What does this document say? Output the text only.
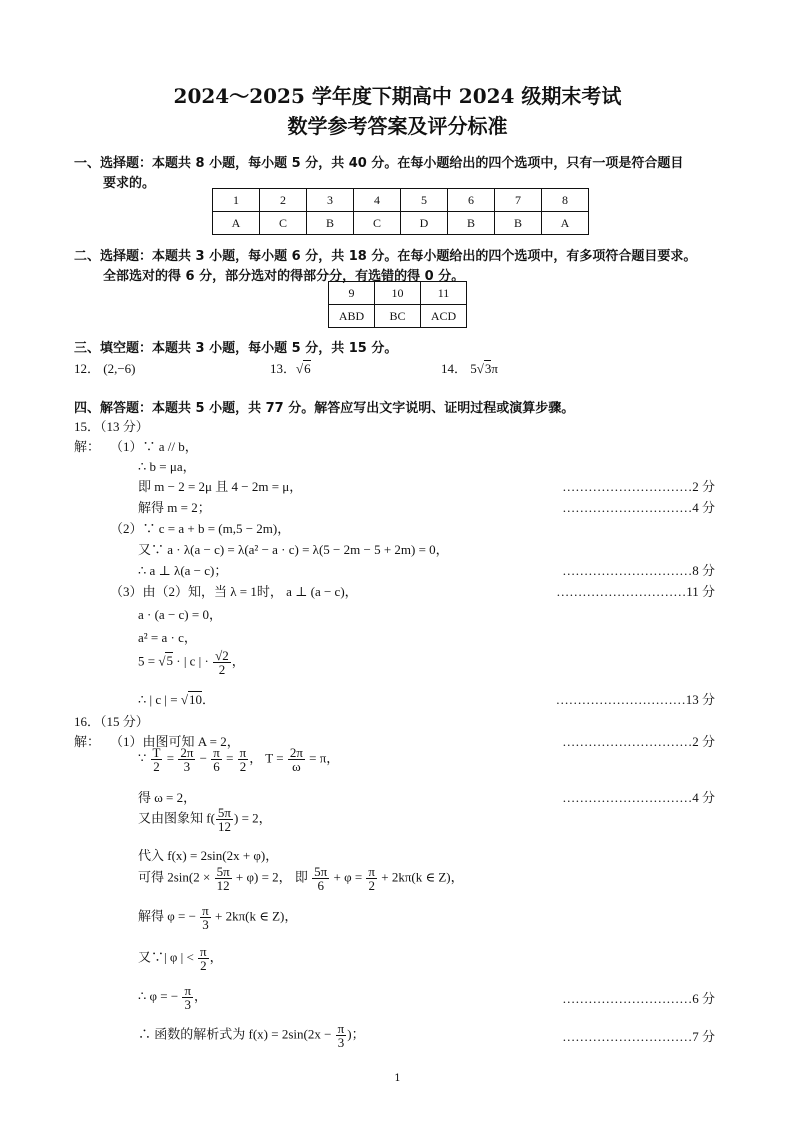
2024～2025 学年度下期高中 2024 级期末考试
数学参考答案及评分标准
一、选择题：本题共 8 小题，每小题 5 分，共 40 分。在每小题给出的四个选项中，只有一项是符合题目
要求的。
1	2	3	4	5	6	7	8
A	C	B	C	D	B	B	A
二、选择题：本题共 3 小题，每小题 6 分，共 18 分。在每小题给出的四个选项中，有多项符合题目要求。
全部选对的得 6 分，部分选对的得部分分，有选错的得 0 分。
9	10	11
ABD	BC	ACD
三、填空题：本题共 3 小题，每小题 5 分，共 15 分。
12． (2,−6)	13．√6	14． 5√3π
四、解答题：本题共 5 小题，共 77 分。解答应写出文字说明、证明过程或演算步骤。
15．（13 分）
解： （1）∵ a // b，
∴ b = μa，
即 m − 2 = 2μ 且 4 − 2m = μ，	…………………………2 分
解得 m = 2；	…………………………4 分
（2）∵ c = a + b = (m,5 − 2m)，
又∵ a · λ(a − c) = λ(a² − a · c) = λ(5 − 2m − 5 + 2m) = 0，
∴ a ⊥ λ(a − c)；	…………………………8 分
（3）由（2）知，当 λ = 1时， a ⊥ (a − c)，	…………………………11 分
a · (a − c) = 0，
a² = a · c，
5 = √5 · | c | · $\frac{√2}{2}$ ，
∴ | c | = √10．	…………………………13 分
16．（15 分）
解： （1）由图可知 A = 2，	…………………………2 分
∵ $\frac{T}{2} = \frac{2\pi}{3} - \frac{\pi}{6} = \frac{\pi}{2}$ ， $T = \frac{2\pi}{\omega} = \pi$，
得 ω = 2，	…………………………4 分
又由图象知 $f( \frac{5\pi}{12}$ ) = 2，
代入 f(x) = 2sin(2x + φ)，
可得 $2\sin(2 \times \frac{5\pi}{12} + \varphi) = 2$， 即 $\frac{5\pi}{6} + \varphi = \frac{\pi}{2} + 2k\pi(k$ ∈ Z)，
解得 φ = − $\frac{\pi}{3} + 2k\pi(k$ ∈ Z)，
又∵| φ | < $\frac{\pi}{2}$ ，
∴ φ = − $\frac{\pi}{3}$ ，	…………………………6 分
∴ 函数的解析式为 $f(x) = 2\sin(2x - \frac{\pi}{3}$ )；	…………………………7 分
1
